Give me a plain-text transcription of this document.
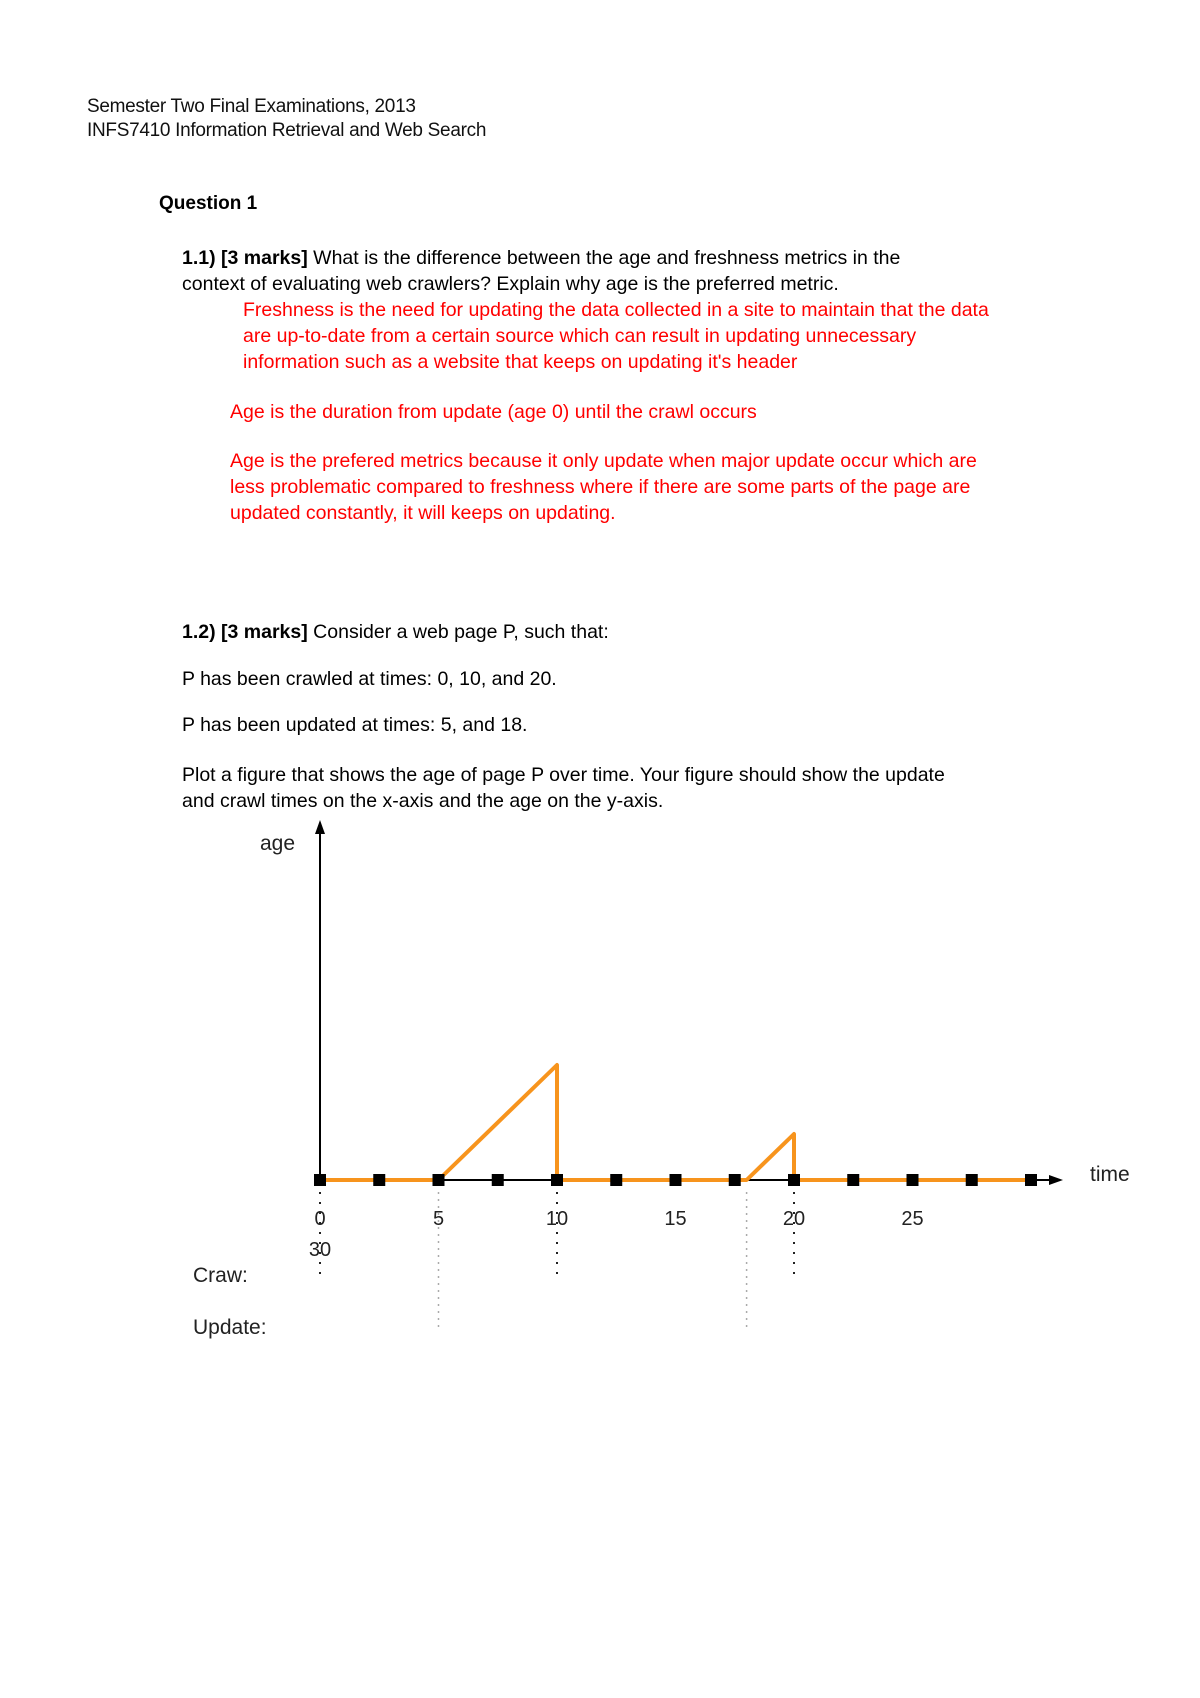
Semester Two Final Examinations, 2013
INFS7410 Information Retrieval and Web Search
Question 1
1.1) [3 marks] What is the difference between the age and freshness metrics in the
context of evaluating web crawlers? Explain why age is the preferred metric.
Freshness is the need for updating the data collected in a site to maintain that the data
are up-to-date from a certain source which can result in updating unnecessary
information such as a website that keeps on updating it's header
Age is the duration from update (age 0) until the crawl occurs
Age is the prefered metrics because it only update when major update occur which are
less problematic compared to freshness where if there are some parts of the page are
updated constantly, it will keeps on updating.
1.2) [3 marks] Consider a web page P, such that:
P has been crawled at times: 0, 10, and 20.
P has been updated at times: 5, and 18.
Plot a figure that shows the age of page P over time. Your figure should show the update
and crawl times on the x-axis and the age on the y-axis.
age
time
0	5	10	15	20	25
30
Craw:
Update:
